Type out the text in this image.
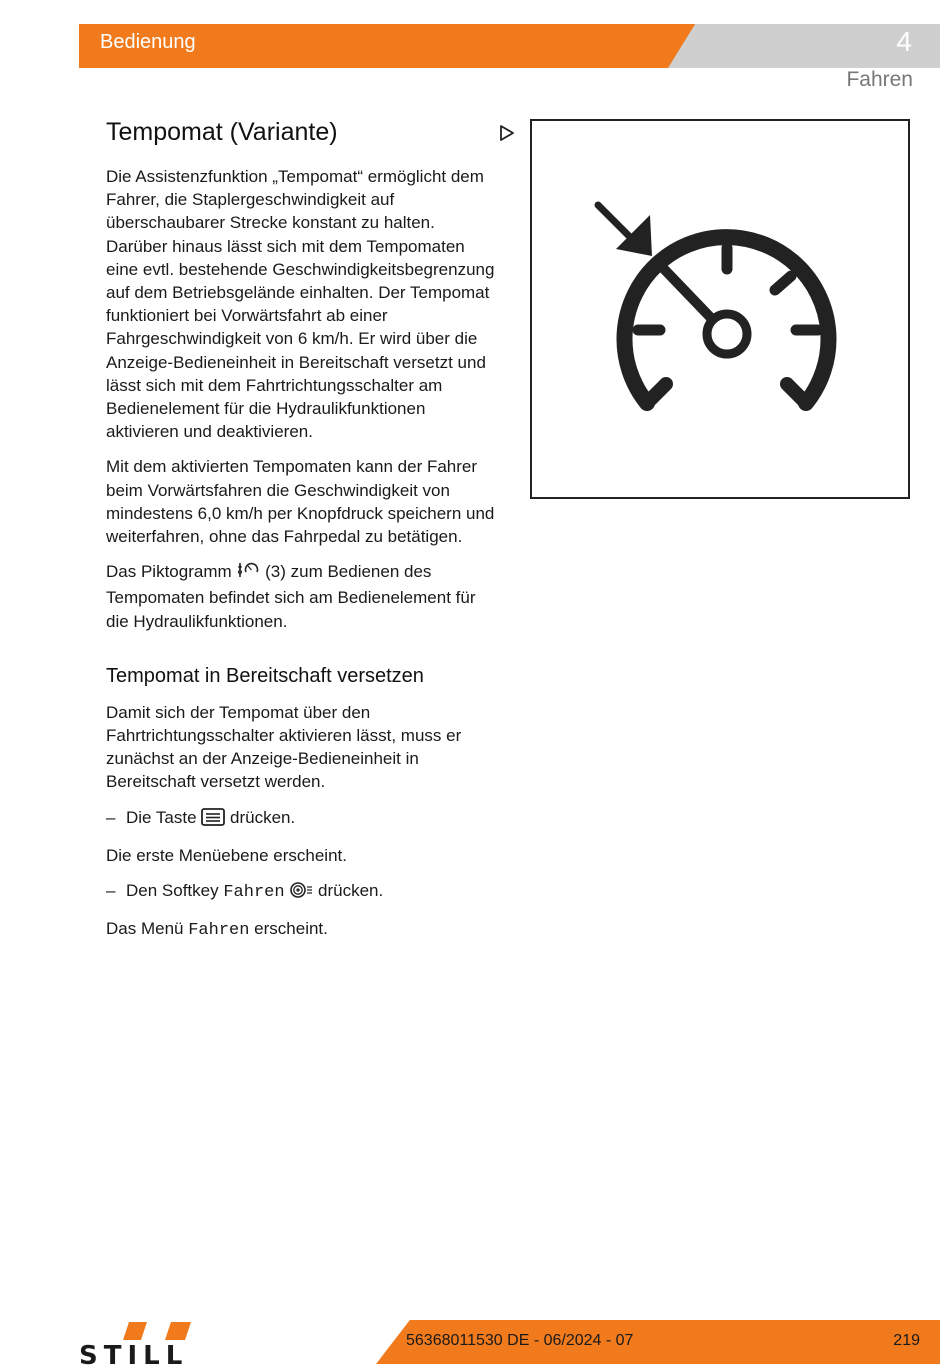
Bedienung	4
Fahren
Tempomat (Variante)

Die Assistenzfunktion „Tempomat“ ermöglicht dem Fahrer, die Staplergeschwindigkeit auf überschaubarer Strecke konstant zu halten. Darüber hinaus lässt sich mit dem Tempomaten eine evtl. bestehende Geschwindigkeitsbegrenzung auf dem Betriebsgelände einhalten. Der Tempomat funktioniert bei Vorwärtsfahrt ab einer Fahrgeschwindigkeit von 6 km/h. Er wird über die Anzeige-Bedieneinheit in Bereitschaft versetzt und lässt sich mit dem Fahrtrichtungsschalter am Bedienelement für die Hydraulikfunktionen aktivieren und deaktivieren.

Mit dem aktivierten Tempomaten kann der Fahrer beim Vorwärtsfahren die Geschwindigkeit von mindestens 6,0 km/h per Knopfdruck speichern und weiterfahren, ohne das Fahrpedal zu betätigen.

Das Piktogramm (3) zum Bedienen des Tempomaten befindet sich am Bedienelement für die Hydraulikfunktionen.

Tempomat in Bereitschaft versetzen

Damit sich der Tempomat über den Fahrtrichtungsschalter aktivieren lässt, muss er zunächst an der Anzeige-Bedieneinheit in Bereitschaft versetzt werden.

– Die Taste drücken.

Die erste Menüebene erscheint.

– Den Softkey Fahren drücken.

Das Menü Fahren erscheint.

STILL
56368011530 DE - 06/2024 - 07	219
